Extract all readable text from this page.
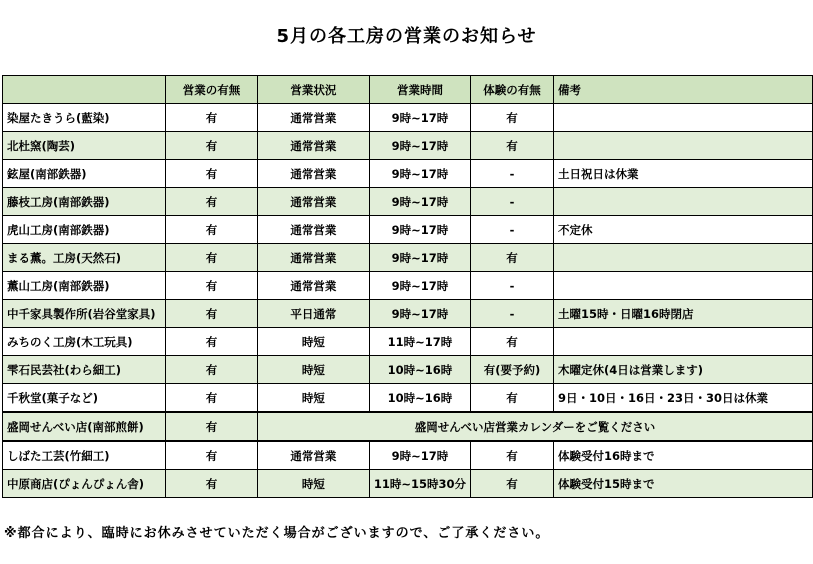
5月の各工房の営業のお知らせ
	営業の有無	営業状況	営業時間	体験の有無	備考
染屋たきうら(藍染)	有	通常営業	9時~17時	有	
北杜窯(陶芸)	有	通常営業	9時~17時	有	
鉉屋(南部鉄器)	有	通常営業	9時~17時	-	土日祝日は休業
藤枝工房(南部鉄器)	有	通常営業	9時~17時	-	
虎山工房(南部鉄器)	有	通常営業	9時~17時	-	不定休
まる薫。工房(天然石)	有	通常営業	9時~17時	有	
薫山工房(南部鉄器)	有	通常営業	9時~17時	-	
中千家具製作所(岩谷堂家具)	有	平日通常	9時~17時	-	土曜15時・日曜16時閉店
みちのく工房(木工玩具)	有	時短	11時~17時	有	
雫石民芸社(わら細工)	有	時短	10時~16時	有(要予約)	木曜定休(4日は営業します)
千秋堂(菓子など)	有	時短	10時~16時	有	9日・10日・16日・23日・30日は休業
盛岡せんべい店(南部煎餅)	有	盛岡せんべい店営業カレンダーをご覧ください			
しばた工芸(竹細工)	有	通常営業	9時~17時	有	体験受付16時まで
中原商店(ぴょんぴょん舎)	有	時短	11時~15時30分	有	体験受付15時まで
※都合により、臨時にお休みさせていただく場合がございますので、ご了承ください。
